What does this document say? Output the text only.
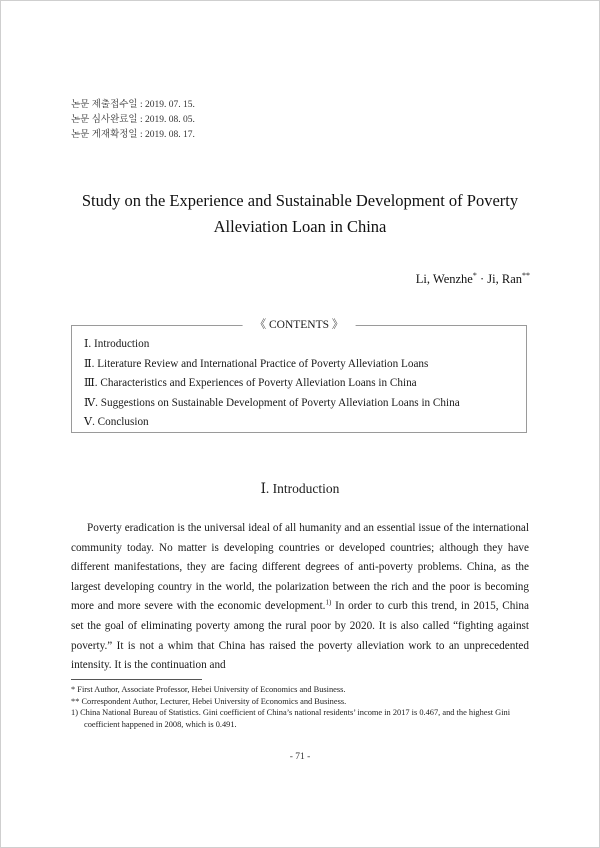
논문 제출접수일 : 2019. 07. 15.
논문 심사완료일 : 2019. 08. 05.
논문 게재확정일 : 2019. 08. 17.
Study on the Experience and Sustainable Development of Poverty
Alleviation Loan in China
Li, Wenzhe* · Ji, Ran**
《 CONTENTS 》
Ⅰ. Introduction
Ⅱ. Literature Review and International Practice of Poverty Alleviation Loans
Ⅲ. Characteristics and Experiences of Poverty Alleviation Loans in China
Ⅳ. Suggestions on Sustainable Development of Poverty Alleviation Loans in China
Ⅴ. Conclusion
Ⅰ. Introduction

Poverty eradication is the universal ideal of all humanity and an essential issue of the international community today. No matter is developing countries or developed countries; although they have different manifestations, they are facing different degrees of anti-poverty problems. China, as the largest developing country in the world, the polarization between the rich and the poor is becoming more and more severe with the economic development.$^{1)}$ In order to curb this trend, in 2015, China set the goal of eliminating poverty among the rural poor by 2020. It is also called “fighting against poverty.” It is not a whim that China has raised the poverty alleviation work to an unprecedented intensity. It is the continuation and

* First Author, Associate Professor, Hebei University of Economics and Business.
** Correspondent Author, Lecturer, Hebei University of Economics and Business.
1) China National Bureau of Statistics. Gini coefficient of China’s national residents’ income in 2017 is 0.467, and the highest Gini coefficient happened in 2008, which is 0.491.
- 71 -
